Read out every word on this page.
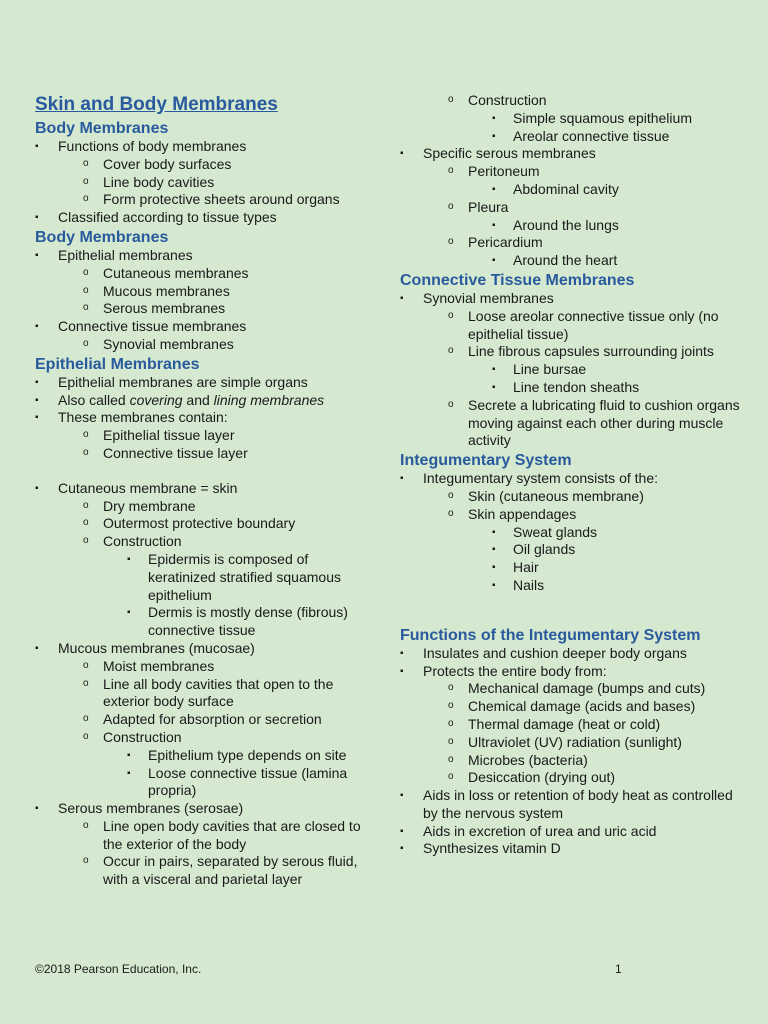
Skin and Body Membranes
Body Membranes
▪ Functions of body membranes
o Cover body surfaces
o Line body cavities
o Form protective sheets around organs
▪ Classified according to tissue types
Body Membranes
▪ Epithelial membranes
o Cutaneous membranes
o Mucous membranes
o Serous membranes
▪ Connective tissue membranes
o Synovial membranes
Epithelial Membranes
▪ Epithelial membranes are simple organs
▪ Also called covering and lining membranes
▪ These membranes contain:
o Epithelial tissue layer
o Connective tissue layer
▪ Cutaneous membrane = skin
o Dry membrane
o Outermost protective boundary
o Construction
▪ Epidermis is composed of keratinized stratified squamous epithelium
▪ Dermis is mostly dense (fibrous) connective tissue
▪ Mucous membranes (mucosae)
o Moist membranes
o Line all body cavities that open to the exterior body surface
o Adapted for absorption or secretion
o Construction
▪ Epithelium type depends on site
▪ Loose connective tissue (lamina propria)
▪ Serous membranes (serosae)
o Line open body cavities that are closed to the exterior of the body
o Occur in pairs, separated by serous fluid, with a visceral and parietal layer
o Construction
▪ Simple squamous epithelium
▪ Areolar connective tissue
▪ Specific serous membranes
o Peritoneum
▪ Abdominal cavity
o Pleura
▪ Around the lungs
o Pericardium
▪ Around the heart
Connective Tissue Membranes
▪ Synovial membranes
o Loose areolar connective tissue only (no epithelial tissue)
o Line fibrous capsules surrounding joints
▪ Line bursae
▪ Line tendon sheaths
o Secrete a lubricating fluid to cushion organs moving against each other during muscle activity
Integumentary System
▪ Integumentary system consists of the:
o Skin (cutaneous membrane)
o Skin appendages
▪ Sweat glands
▪ Oil glands
▪ Hair
▪ Nails
Functions of the Integumentary System
▪ Insulates and cushion deeper body organs
▪ Protects the entire body from:
o Mechanical damage (bumps and cuts)
o Chemical damage (acids and bases)
o Thermal damage (heat or cold)
o Ultraviolet (UV) radiation (sunlight)
o Microbes (bacteria)
o Desiccation (drying out)
▪ Aids in loss or retention of body heat as controlled by the nervous system
▪ Aids in excretion of urea and uric acid
▪ Synthesizes vitamin D
©2018 Pearson Education, Inc.	1
